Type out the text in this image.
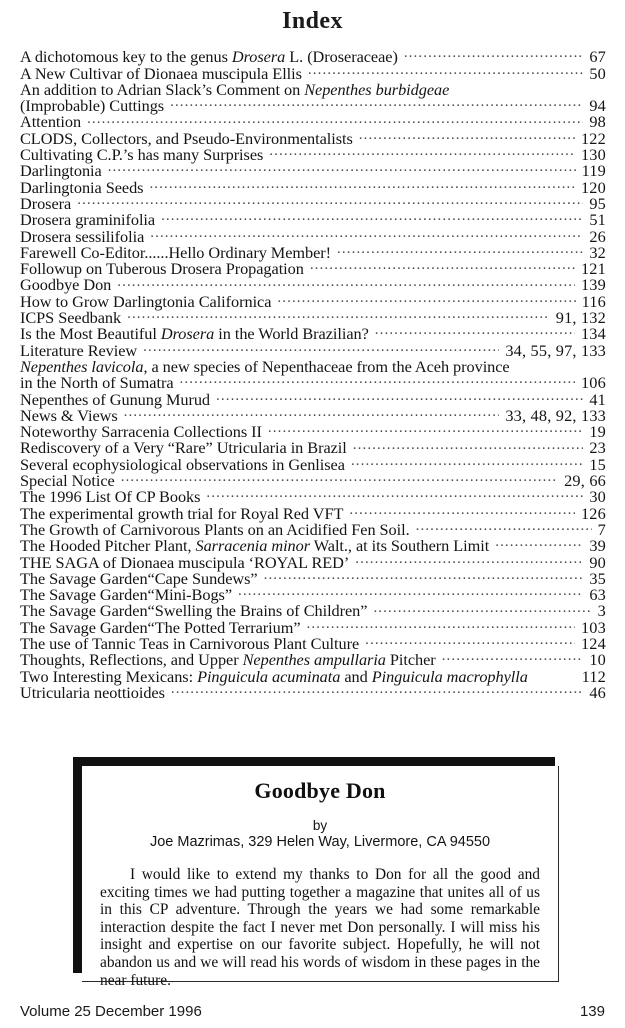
Index
A dichotomous key to the genus Drosera L. (Droseraceae) .....	67
A New Cultivar of Dionaea muscipula Ellis .....	50
An addition to Adrian Slack’s Comment on Nepenthes burbidgeae
(Improbable) Cuttings .....	94
Attention .....	98
CLODS, Collectors, and Pseudo-Environmentalists .....	122
Cultivating C.P.’s has many Surprises .....	130
Darlingtonia .....	119
Darlingtonia Seeds .....	120
Drosera .....	95
Drosera graminifolia .....	51
Drosera sessilifolia .....	26
Farewell Co-Editor......Hello Ordinary Member! .....	32
Followup on Tuberous Drosera Propagation .....	121
Goodbye Don .....	139
How to Grow Darlingtonia Californica .....	116
ICPS Seedbank .....	91, 132
Is the Most Beautiful Drosera in the World Brazilian? .....	134
Literature Review .....	34, 55, 97, 133
Nepenthes lavicola, a new species of Nepenthaceae from the Aceh province
in the North of Sumatra .....	106
Nepenthes of Gunung Murud .....	41
News & Views .....	33, 48, 92, 133
Noteworthy Sarracenia Collections II .....	19
Rediscovery of a Very “Rare” Utricularia in Brazil .....	23
Several ecophysiological observations in Genlisea .....	15
Special Notice .....	29, 66
The 1996 List Of CP Books .....	30
The experimental growth trial for Royal Red VFT .....	126
The Growth of Carnivorous Plants on an Acidified Fen Soil. .....	7
The Hooded Pitcher Plant, Sarracenia minor Walt., at its Southern Limit .....	39
THE SAGA of Dionaea muscipula ‘ROYAL RED’ .....	90
The Savage Garden“Cape Sundews” .....	35
The Savage Garden“Mini-Bogs” .....	63
The Savage Garden“Swelling the Brains of Children” .....	3
The Savage Garden“The Potted Terrarium” .....	103
The use of Tannic Teas in Carnivorous Plant Culture .....	124
Thoughts, Reflections, and Upper Nepenthes ampullaria Pitcher .....	10
Two Interesting Mexicans: Pinguicula acuminata and Pinguicula macrophylla	112
Utricularia neottioides .....	46
Goodbye Don
by
Joe Mazrimas, 329 Helen Way, Livermore, CA 94550

I would like to extend my thanks to Don for all the good and exciting times we had putting together a magazine that unites all of us in this CP adventure. Through the years we had some remarkable interaction despite the fact I never met Don personally. I will miss his insight and expertise on our favorite subject. Hopefully, he will not abandon us and we will read his words of wisdom in these pages in the near future.

Volume 25 December 1996	139
